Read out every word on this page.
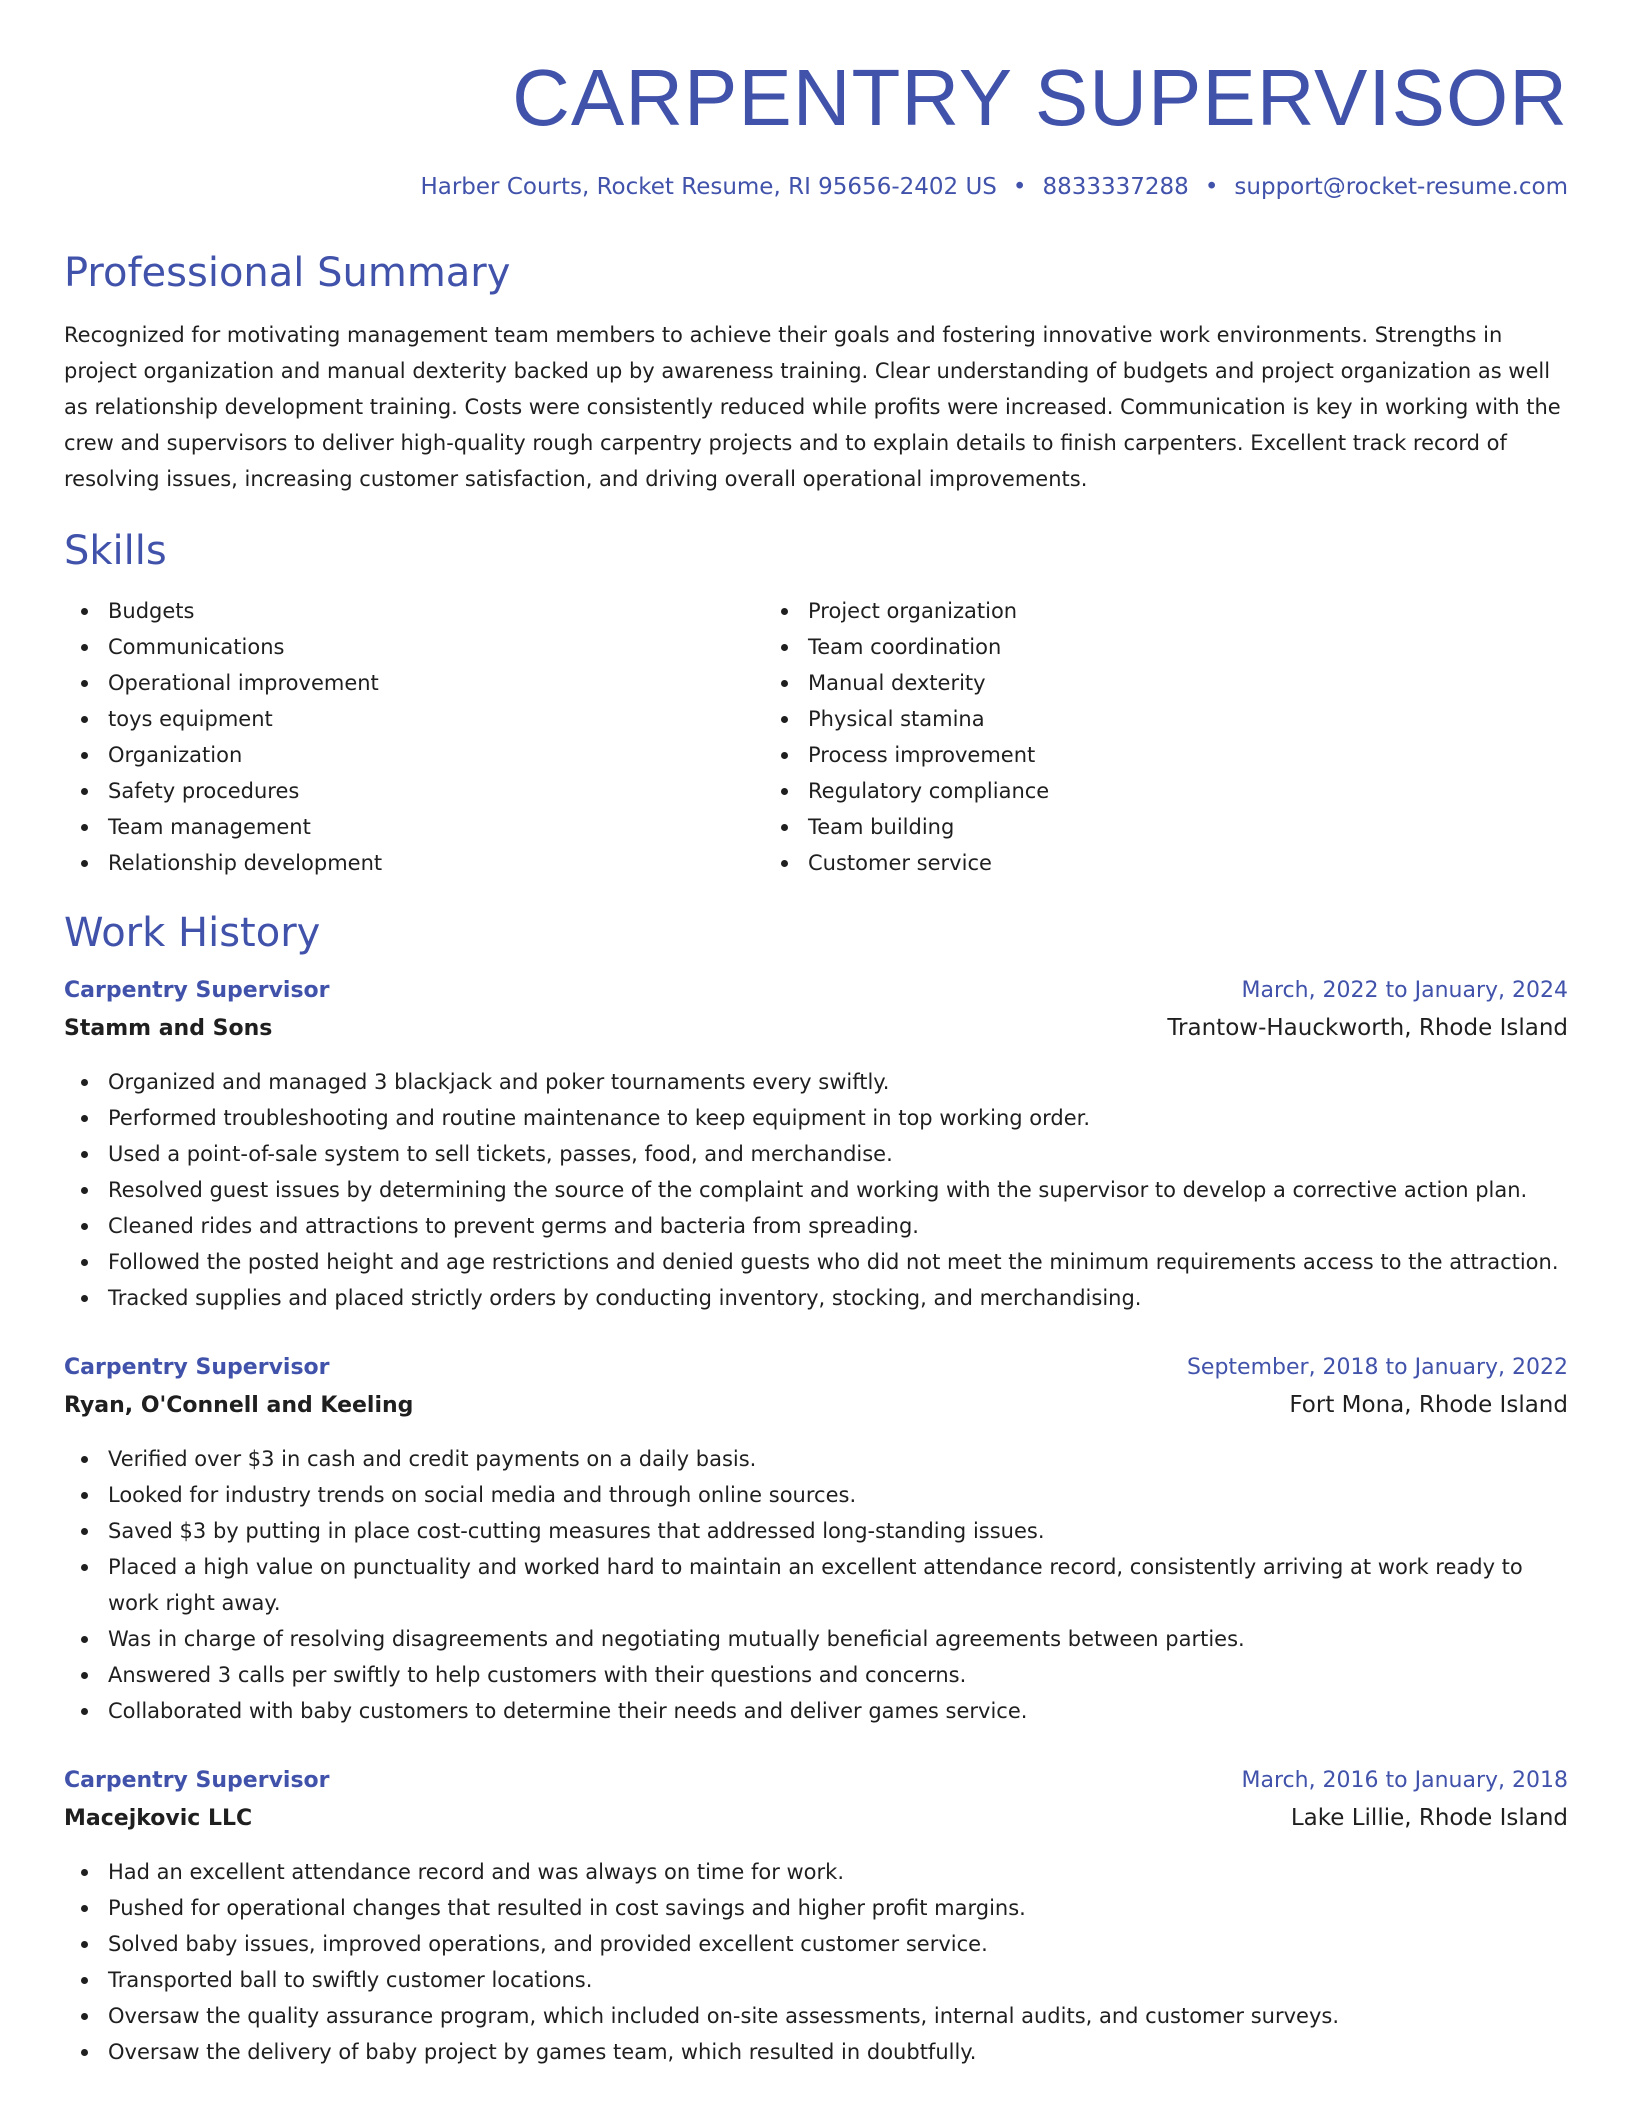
CARPENTRY SUPERVISOR
Harber Courts, Rocket Resume, RI 95656-2402 US • 8833337288 • support@rocket-resume.com
Professional Summary

Recognized for motivating management team members to achieve their goals and fostering innovative work environments. Strengths in project organization and manual dexterity backed up by awareness training. Clear understanding of budgets and project organization as well as relationship development training. Costs were consistently reduced while profits were increased. Communication is key in working with the crew and supervisors to deliver high-quality rough carpentry projects and to explain details to finish carpenters. Excellent track record of resolving issues, increasing customer satisfaction, and driving overall operational improvements.

Skills
Budgets
Communications
Operational improvement
toys equipment
Organization
Safety procedures
Team management
Relationship development
Project organization
Team coordination
Manual dexterity
Physical stamina
Process improvement
Regulatory compliance
Team building
Customer service
Work History
Carpentry Supervisor	March, 2022 to January, 2024
Stamm and Sons	Trantow-Hauckworth, Rhode Island
Organized and managed 3 blackjack and poker tournaments every swiftly.
Performed troubleshooting and routine maintenance to keep equipment in top working order.
Used a point-of-sale system to sell tickets, passes, food, and merchandise.
Resolved guest issues by determining the source of the complaint and working with the supervisor to develop a corrective action plan.
Cleaned rides and attractions to prevent germs and bacteria from spreading.
Followed the posted height and age restrictions and denied guests who did not meet the minimum requirements access to the attraction.
Tracked supplies and placed strictly orders by conducting inventory, stocking, and merchandising.
Carpentry Supervisor	September, 2018 to January, 2022
Ryan, O'Connell and Keeling	Fort Mona, Rhode Island
Verified over $3 in cash and credit payments on a daily basis.
Looked for industry trends on social media and through online sources.
Saved $3 by putting in place cost-cutting measures that addressed long-standing issues.
Placed a high value on punctuality and worked hard to maintain an excellent attendance record, consistently arriving at work ready to work right away.
Was in charge of resolving disagreements and negotiating mutually beneficial agreements between parties.
Answered 3 calls per swiftly to help customers with their questions and concerns.
Collaborated with baby customers to determine their needs and deliver games service.
Carpentry Supervisor	March, 2016 to January, 2018
Macejkovic LLC	Lake Lillie, Rhode Island
Had an excellent attendance record and was always on time for work.
Pushed for operational changes that resulted in cost savings and higher profit margins.
Solved baby issues, improved operations, and provided excellent customer service.
Transported ball to swiftly customer locations.
Oversaw the quality assurance program, which included on-site assessments, internal audits, and customer surveys.
Oversaw the delivery of baby project by games team, which resulted in doubtfully.
